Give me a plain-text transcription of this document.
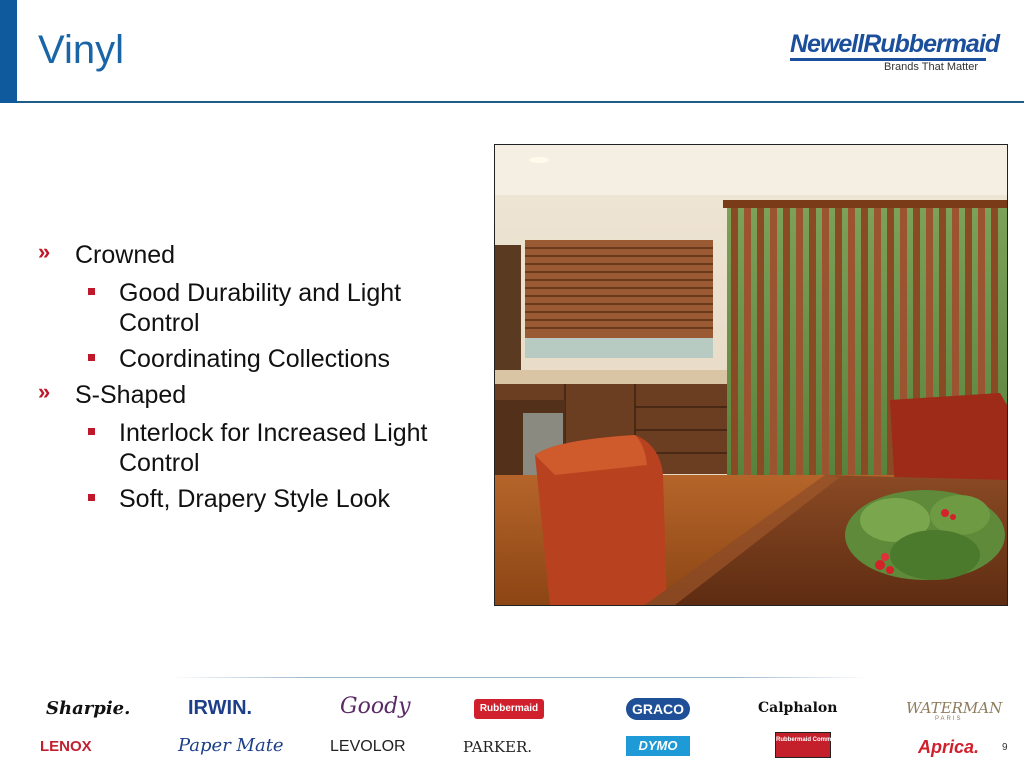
Vinyl	NewellRubbermaid
Brands That Matter
» Crowned
Good Durability and Light Control
Coordinating Collections
» S-Shaped
Interlock for Increased Light Control
Soft, Drapery Style Look
Sharpie.	IRWIN.	Goody	Rubbermaid	GRACO	Calphalon	WATERMAN
PARIS
LENOX	Paper Mate	LEVOLOR	PARKER.	DYMO	Rubbermaid Commercial Products Aprica. 9
